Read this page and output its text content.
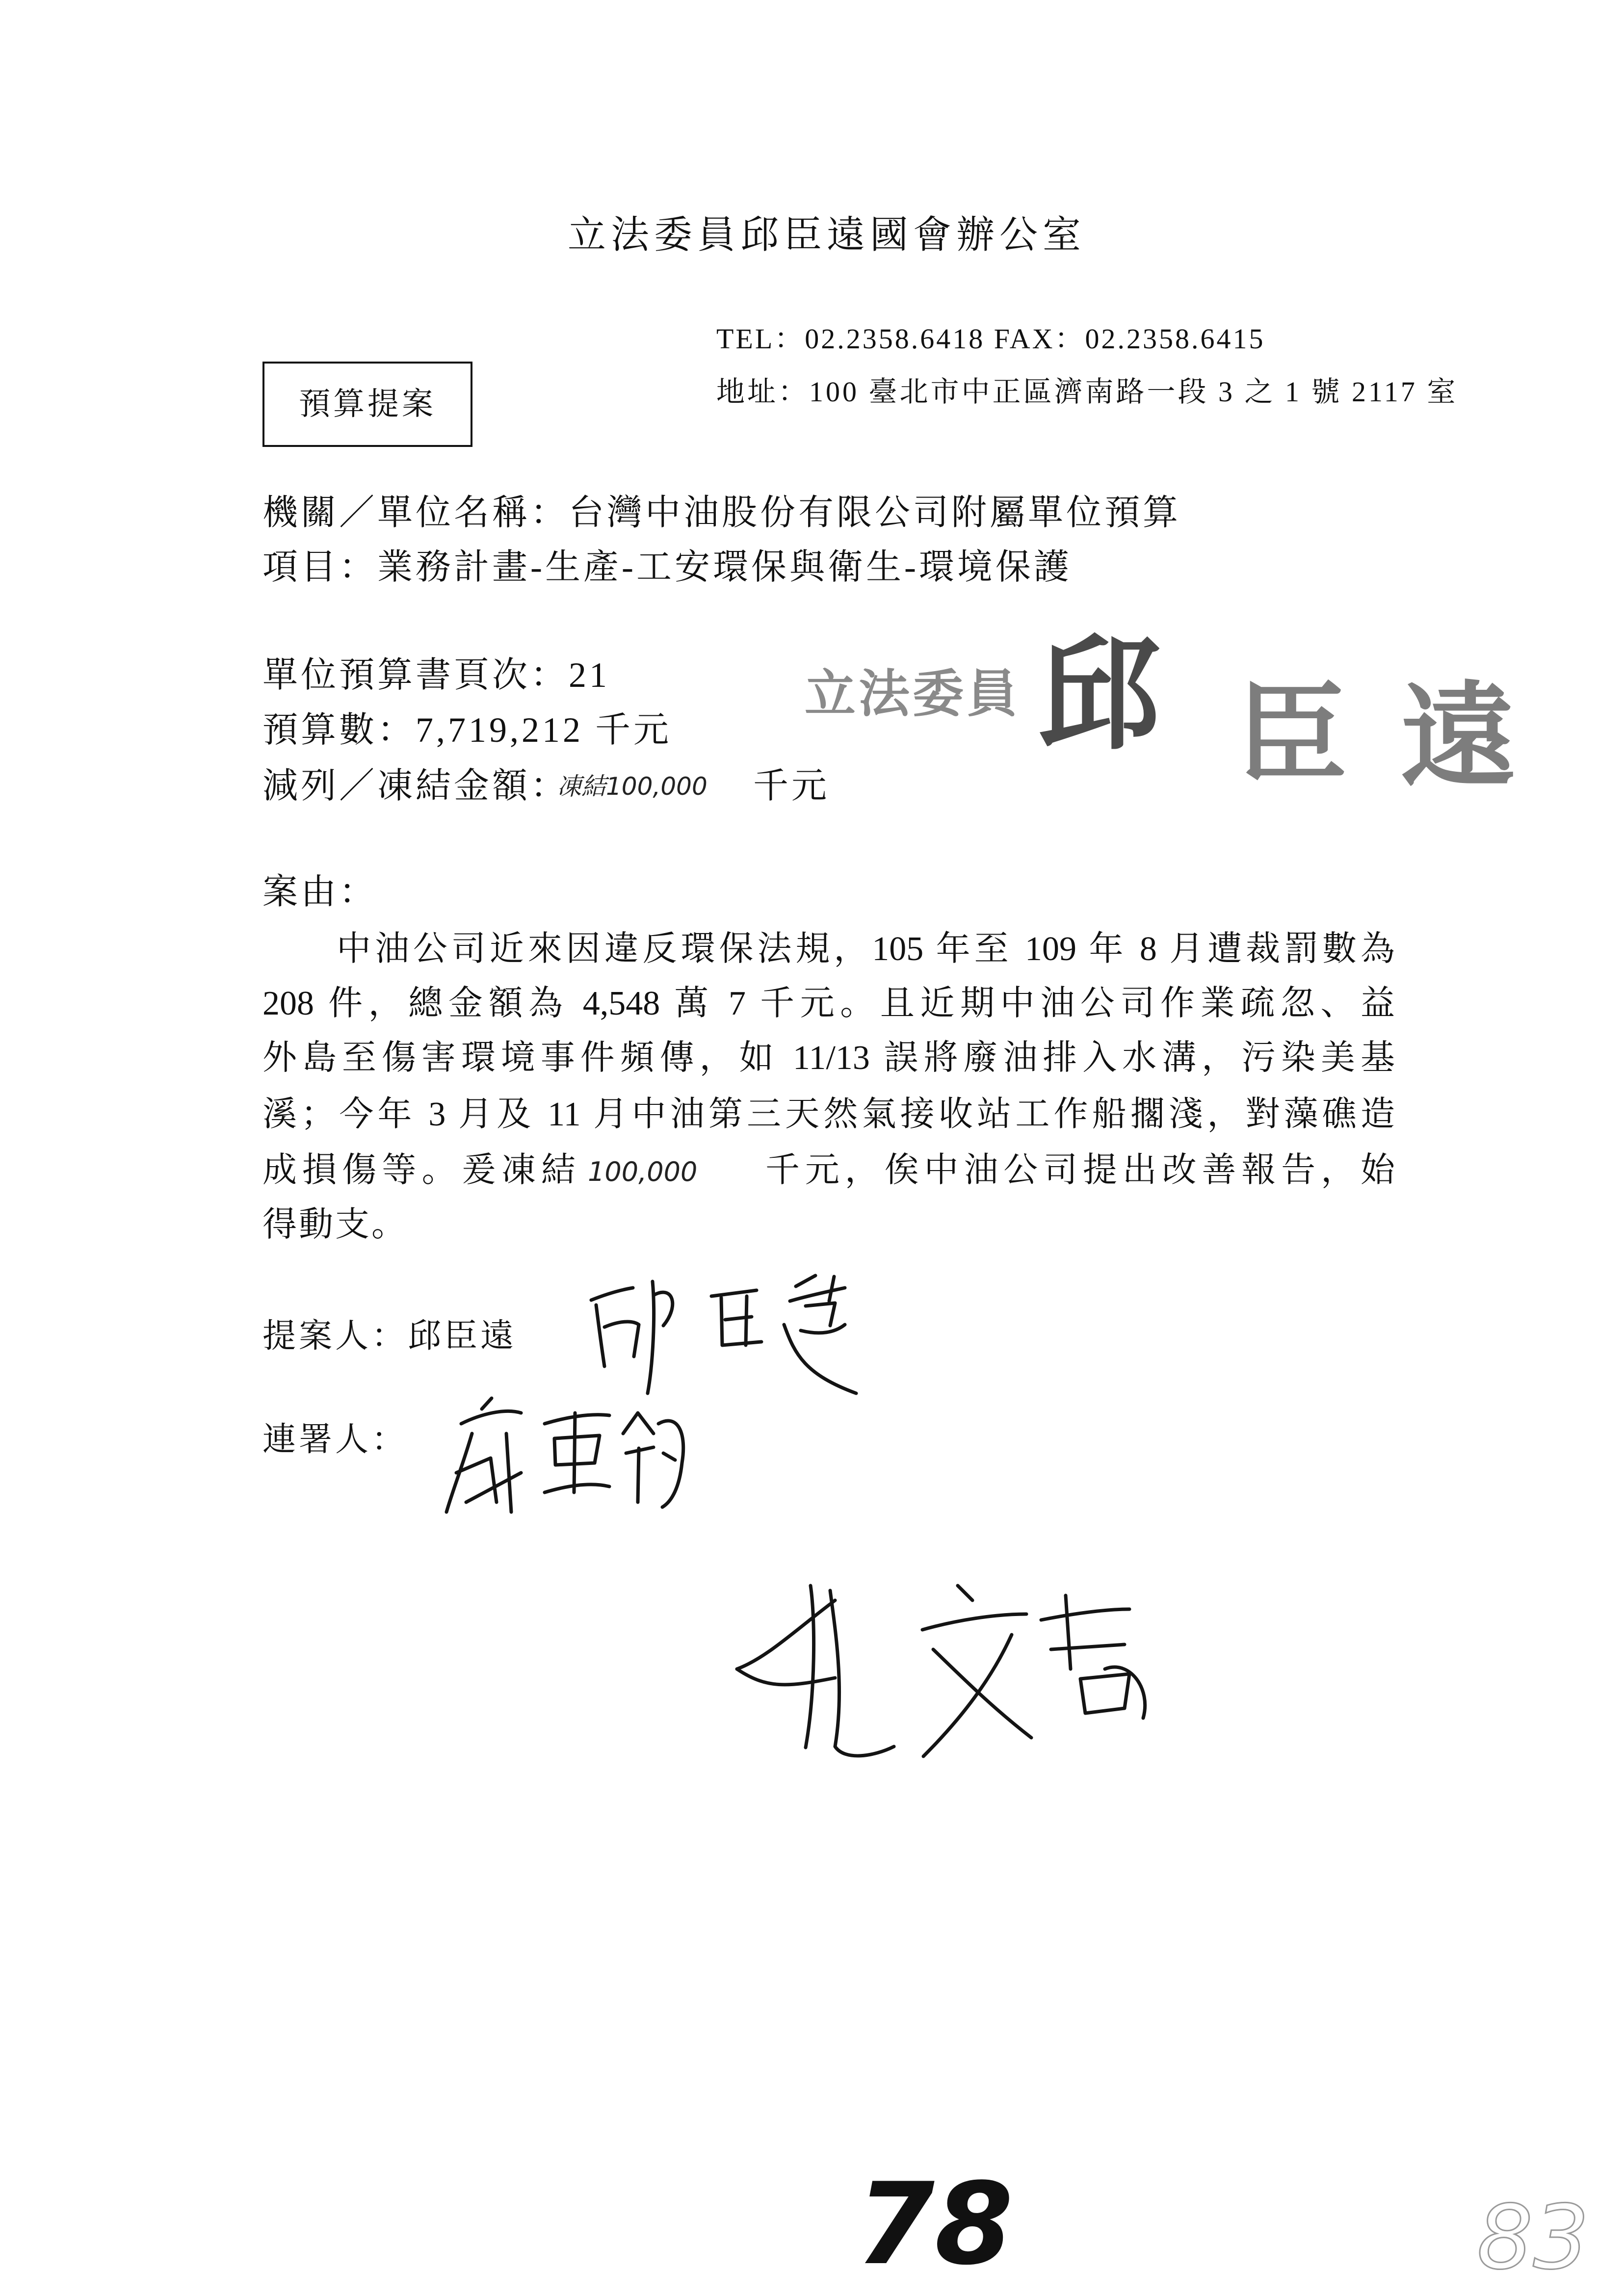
立法委員邱臣遠國會辦公室
TEL：02.2358.6418 FAX：02.2358.6415
地址：100 臺北市中正區濟南路一段 3 之 1 號 2117 室
預算提案
機關／單位名稱：台灣中油股份有限公司附屬單位預算
項目：業務計畫-生產-工安環保與衛生-環境保護
單位預算書頁次：21
預算數：7,719,212 千元
減列／凍結金額：
凍結100,000 千元
立法委員 邱 臣 遠
案由：
中油公司近來因違反環保法規，105 年至 109 年 8 月遭裁罰數為
208 件，總金額為 4,548 萬 7 千元。且近期中油公司作業疏忽、益
外島至傷害環境事件頻傳，如 11/13 誤將廢油排入水溝，污染美基
溪；今年 3 月及 11 月中油第三天然氣接收站工作船擱淺，對藻礁造
成損傷等。爰凍結 100,000 千元，俟中油公司提出改善報告，始
得動支。
提案人：邱臣遠
連署人：
78	83
